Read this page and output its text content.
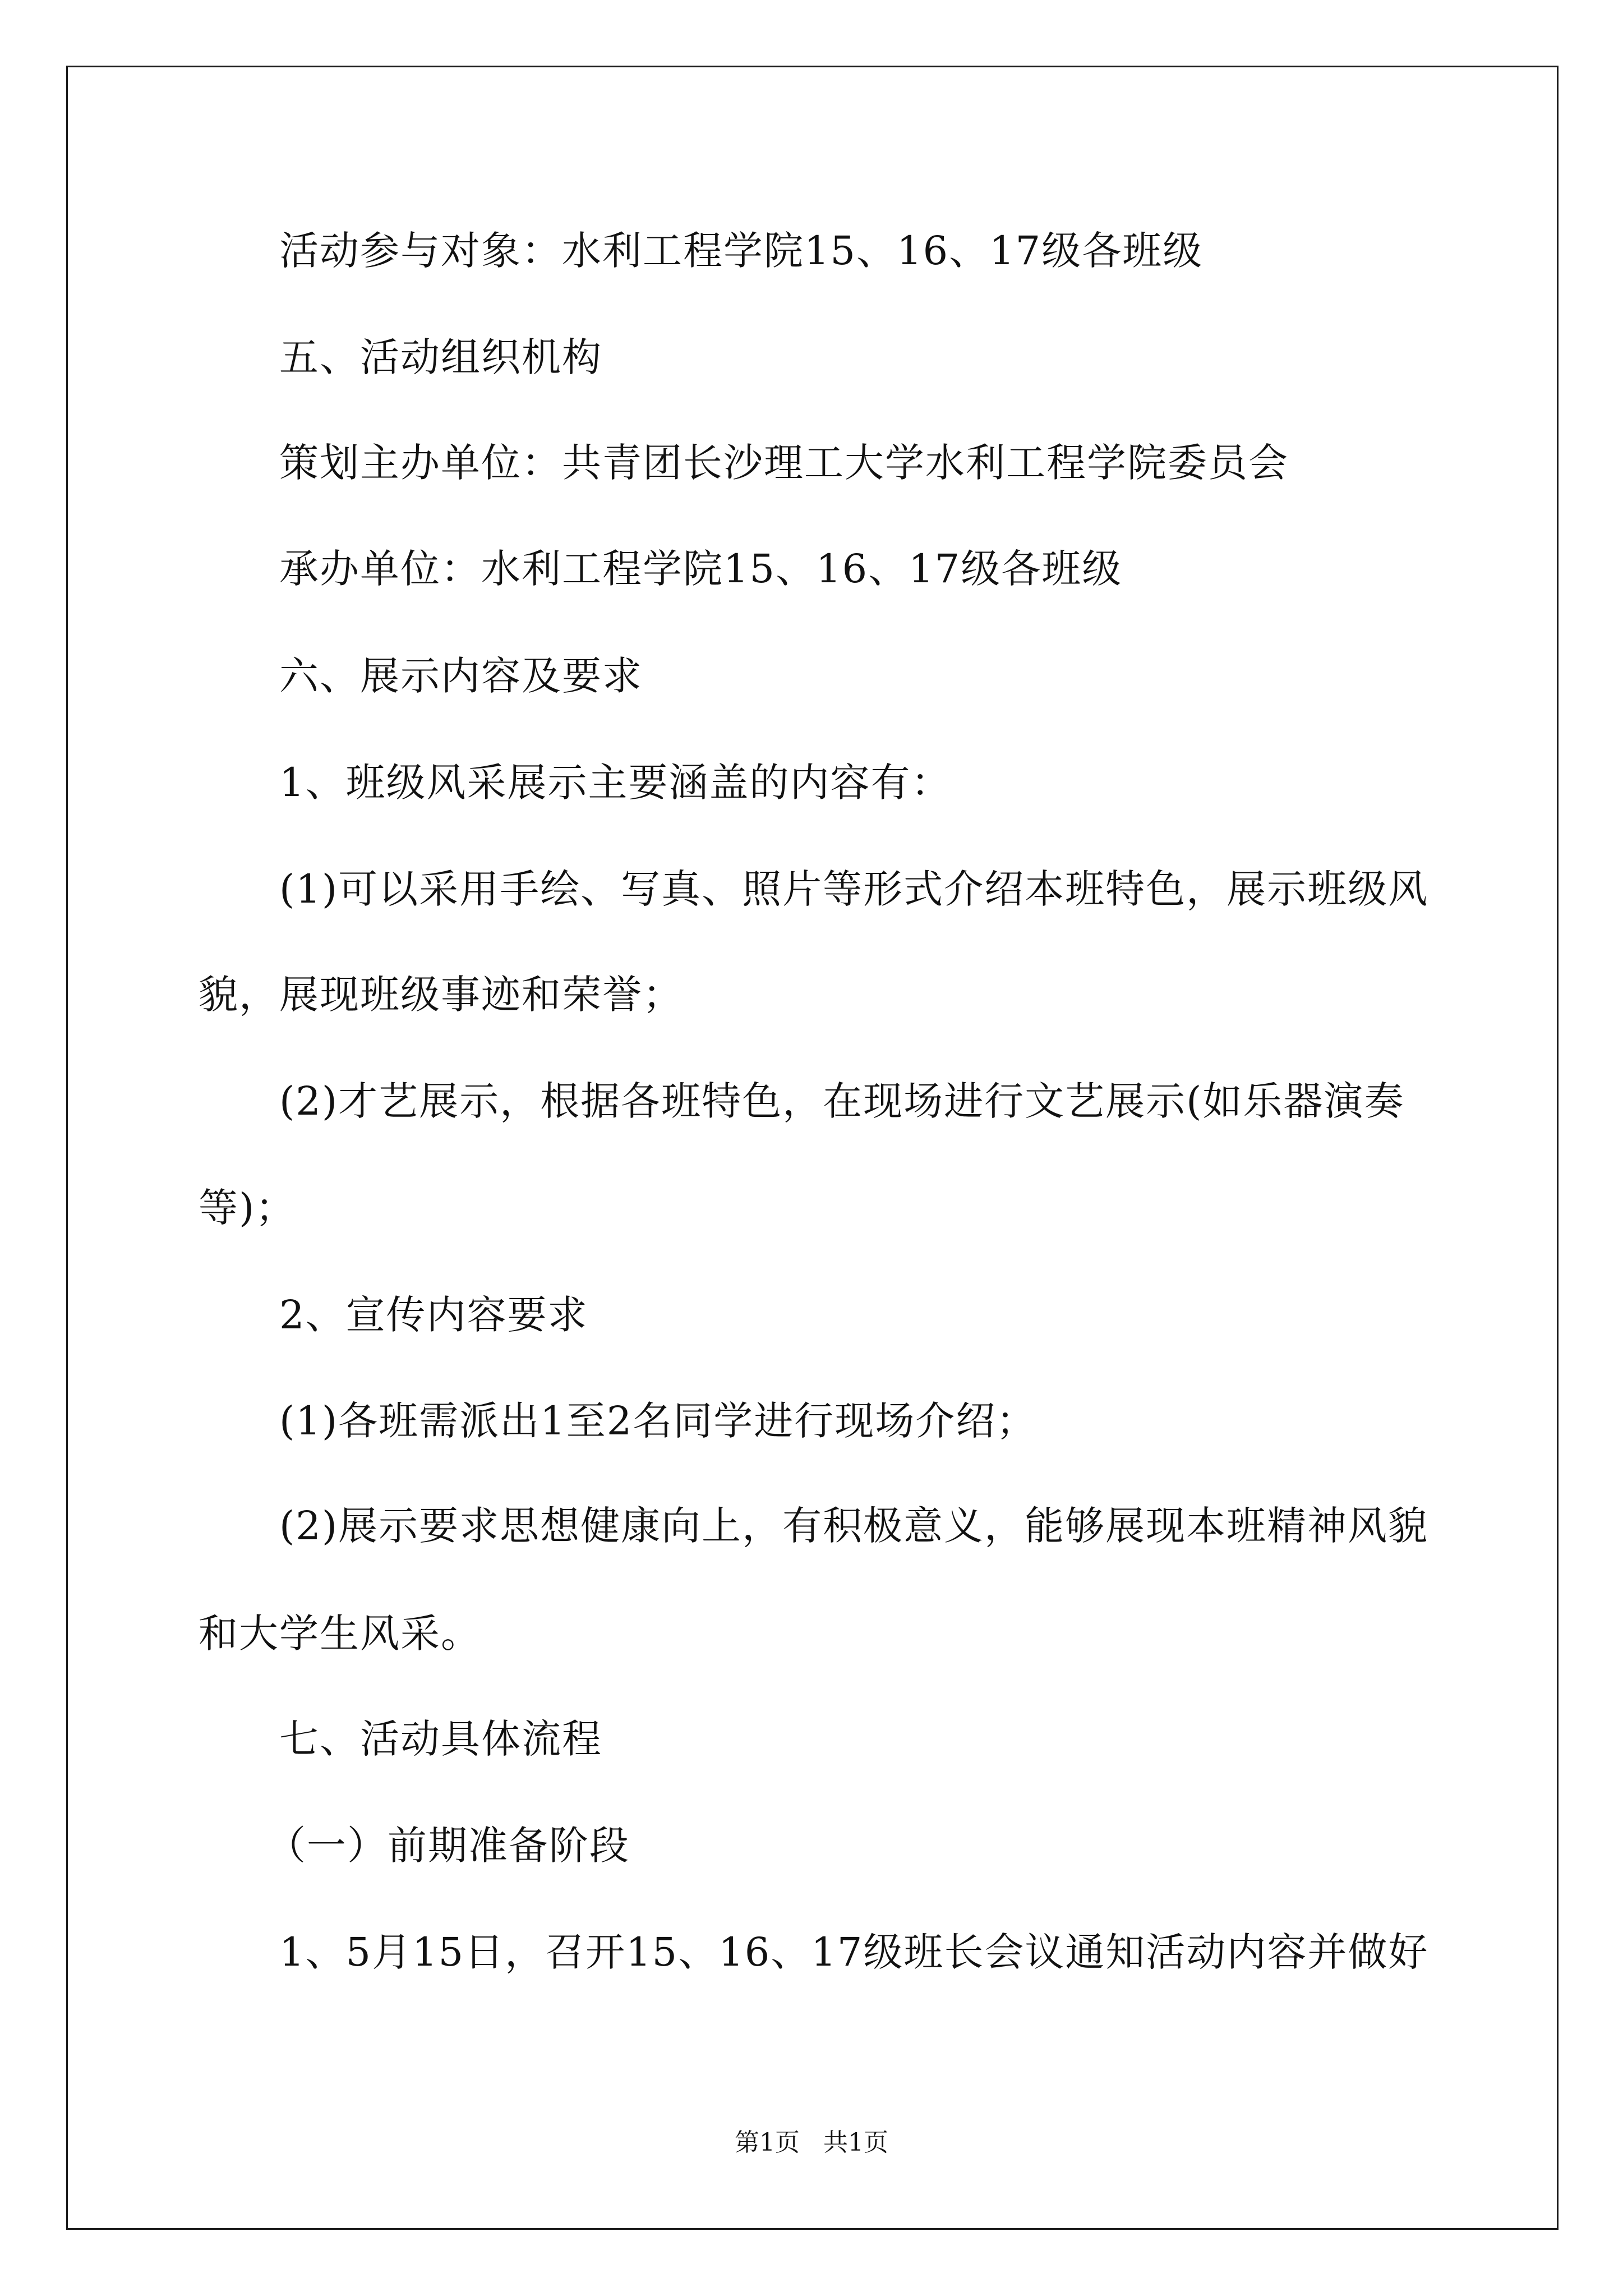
活动参与对象：水利工程学院15、16、17级各班级
五、活动组织机构
策划主办单位：共青团长沙理工大学水利工程学院委员会
承办单位：水利工程学院15、16、17级各班级
六、展示内容及要求
1、班级风采展示主要涵盖的内容有：
(1)可以采用手绘、写真、照片等形式介绍本班特色，展示班级风
貌，展现班级事迹和荣誉；
(2)才艺展示，根据各班特色，在现场进行文艺展示(如乐器演奏
等)；
2、宣传内容要求
(1)各班需派出1至2名同学进行现场介绍；
(2)展示要求思想健康向上，有积极意义，能够展现本班精神风貌
和大学生风采。
七、活动具体流程
（一）前期准备阶段
1、5月15日，召开15、16、17级班长会议通知活动内容并做好
第1页   共1页
